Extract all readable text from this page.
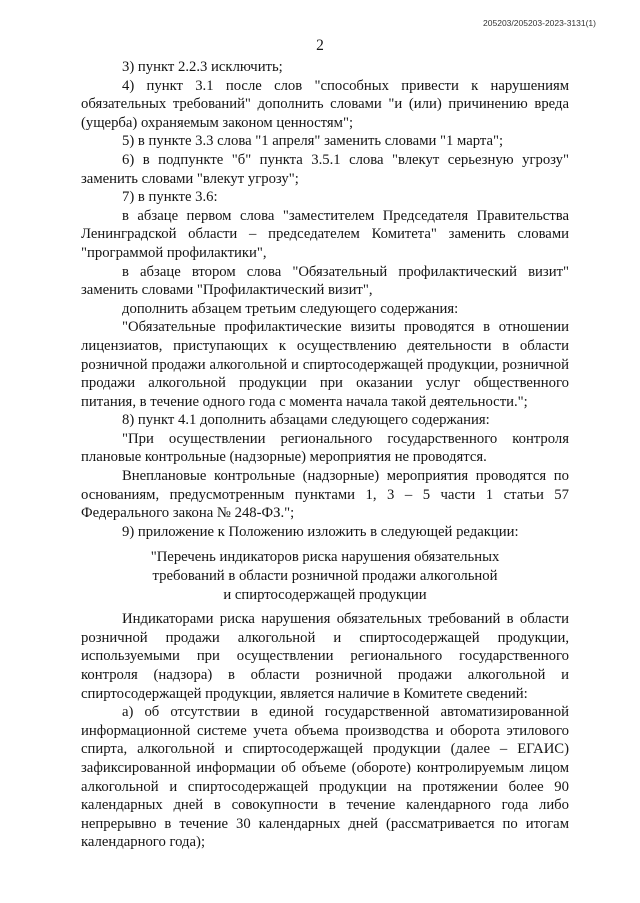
205203/205203-2023-3131(1)
2

3) пункт 2.2.3 исключить;

4) пункт 3.1 после слов "способных привести к нарушениям обязательных требований" дополнить словами "и (или) причинению вреда (ущерба) охраняемым законом ценностям";

5) в пункте 3.3 слова "1 апреля" заменить словами "1 марта";

6) в подпункте "б" пункта 3.5.1 слова "влекут серьезную угрозу" заменить словами "влекут угрозу";

7) в пункте 3.6:

в абзаце первом слова "заместителем Председателя Правительства Ленинградской области – председателем Комитета" заменить словами "программой профилактики",

в абзаце втором слова "Обязательный профилактический визит" заменить словами "Профилактический визит",

дополнить абзацем третьим следующего содержания:

"Обязательные профилактические визиты проводятся в отношении лицензиатов, приступающих к осуществлению деятельности в области розничной продажи алкогольной и спиртосодержащей продукции, розничной продажи алкогольной продукции при оказании услуг общественного питания, в течение одного года с момента начала такой деятельности.";

8) пункт 4.1 дополнить абзацами следующего содержания:

"При осуществлении регионального государственного контроля плановые контрольные (надзорные) мероприятия не проводятся.

Внеплановые контрольные (надзорные) мероприятия проводятся по основаниям, предусмотренным пунктами 1, 3 – 5 части 1 статьи 57 Федерального закона № 248-ФЗ.";

9) приложение к Положению изложить в следующей редакции:

"Перечень индикаторов риска нарушения обязательных
требований в области розничной продажи алкогольной
и спиртосодержащей продукции

Индикаторами риска нарушения обязательных требований в области розничной продажи алкогольной и спиртосодержащей продукции, используемыми при осуществлении регионального государственного контроля (надзора) в области розничной продажи алкогольной и спиртосодержащей продукции, является наличие в Комитете сведений:

а) об отсутствии в единой государственной автоматизированной информационной системе учета объема производства и оборота этилового спирта, алкогольной и спиртосодержащей продукции (далее – ЕГАИС) зафиксированной информации об объеме (обороте) контролируемым лицом алкогольной и спиртосодержащей продукции на протяжении более 90 календарных дней в совокупности в течение календарного года либо непрерывно в течение 30 календарных дней (рассматривается по итогам календарного года);
